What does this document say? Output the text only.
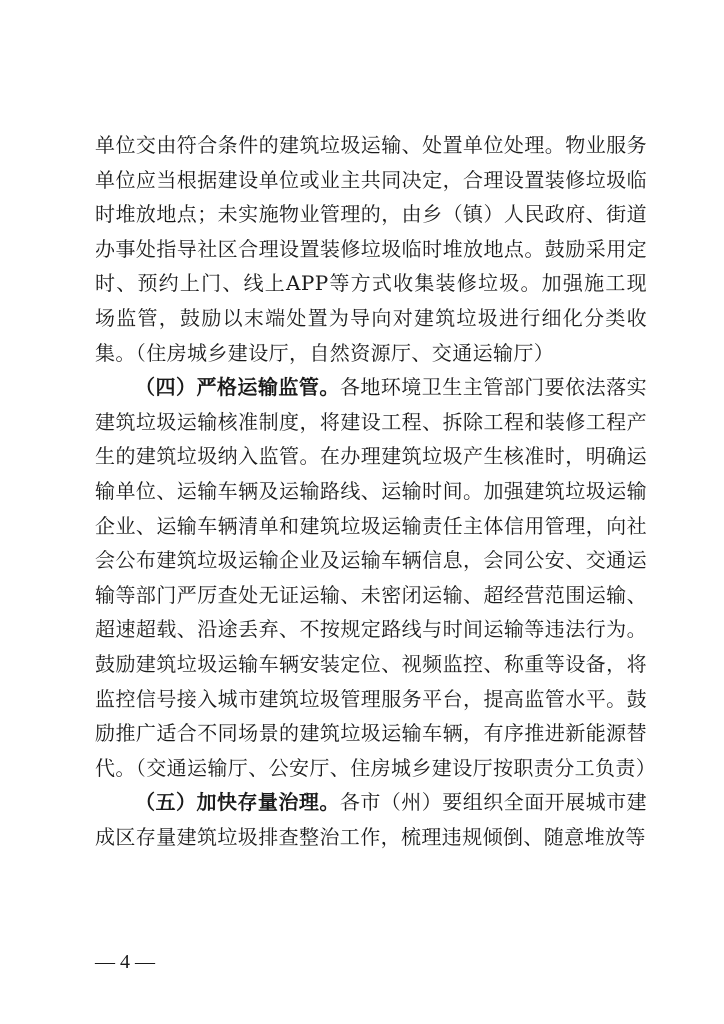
单位交由符合条件的建筑垃圾运输、处置单位处理。物业服务单位应当根据建设单位或业主共同决定，合理设置装修垃圾临时堆放地点；未实施物业管理的，由乡（镇）人民政府、街道办事处指导社区合理设置装修垃圾临时堆放地点。鼓励采用定时、预约上门、线上APP等方式收集装修垃圾。加强施工现场监管，鼓励以末端处置为导向对建筑垃圾进行细化分类收集。（住房城乡建设厅，自然资源厅、交通运输厅）

（四）严格运输监管。各地环境卫生主管部门要依法落实建筑垃圾运输核准制度，将建设工程、拆除工程和装修工程产生的建筑垃圾纳入监管。在办理建筑垃圾产生核准时，明确运输单位、运输车辆及运输路线、运输时间。加强建筑垃圾运输企业、运输车辆清单和建筑垃圾运输责任主体信用管理，向社会公布建筑垃圾运输企业及运输车辆信息，会同公安、交通运输等部门严厉查处无证运输、未密闭运输、超经营范围运输、超速超载、沿途丢弃、不按规定路线与时间运输等违法行为。鼓励建筑垃圾运输车辆安装定位、视频监控、称重等设备，将监控信号接入城市建筑垃圾管理服务平台，提高监管水平。鼓励推广适合不同场景的建筑垃圾运输车辆，有序推进新能源替代。（交通运输厅、公安厅、住房城乡建设厅按职责分工负责）

（五）加快存量治理。各市（州）要组织全面开展城市建成区存量建筑垃圾排查整治工作，梳理违规倾倒、随意堆放等

— 4 —
